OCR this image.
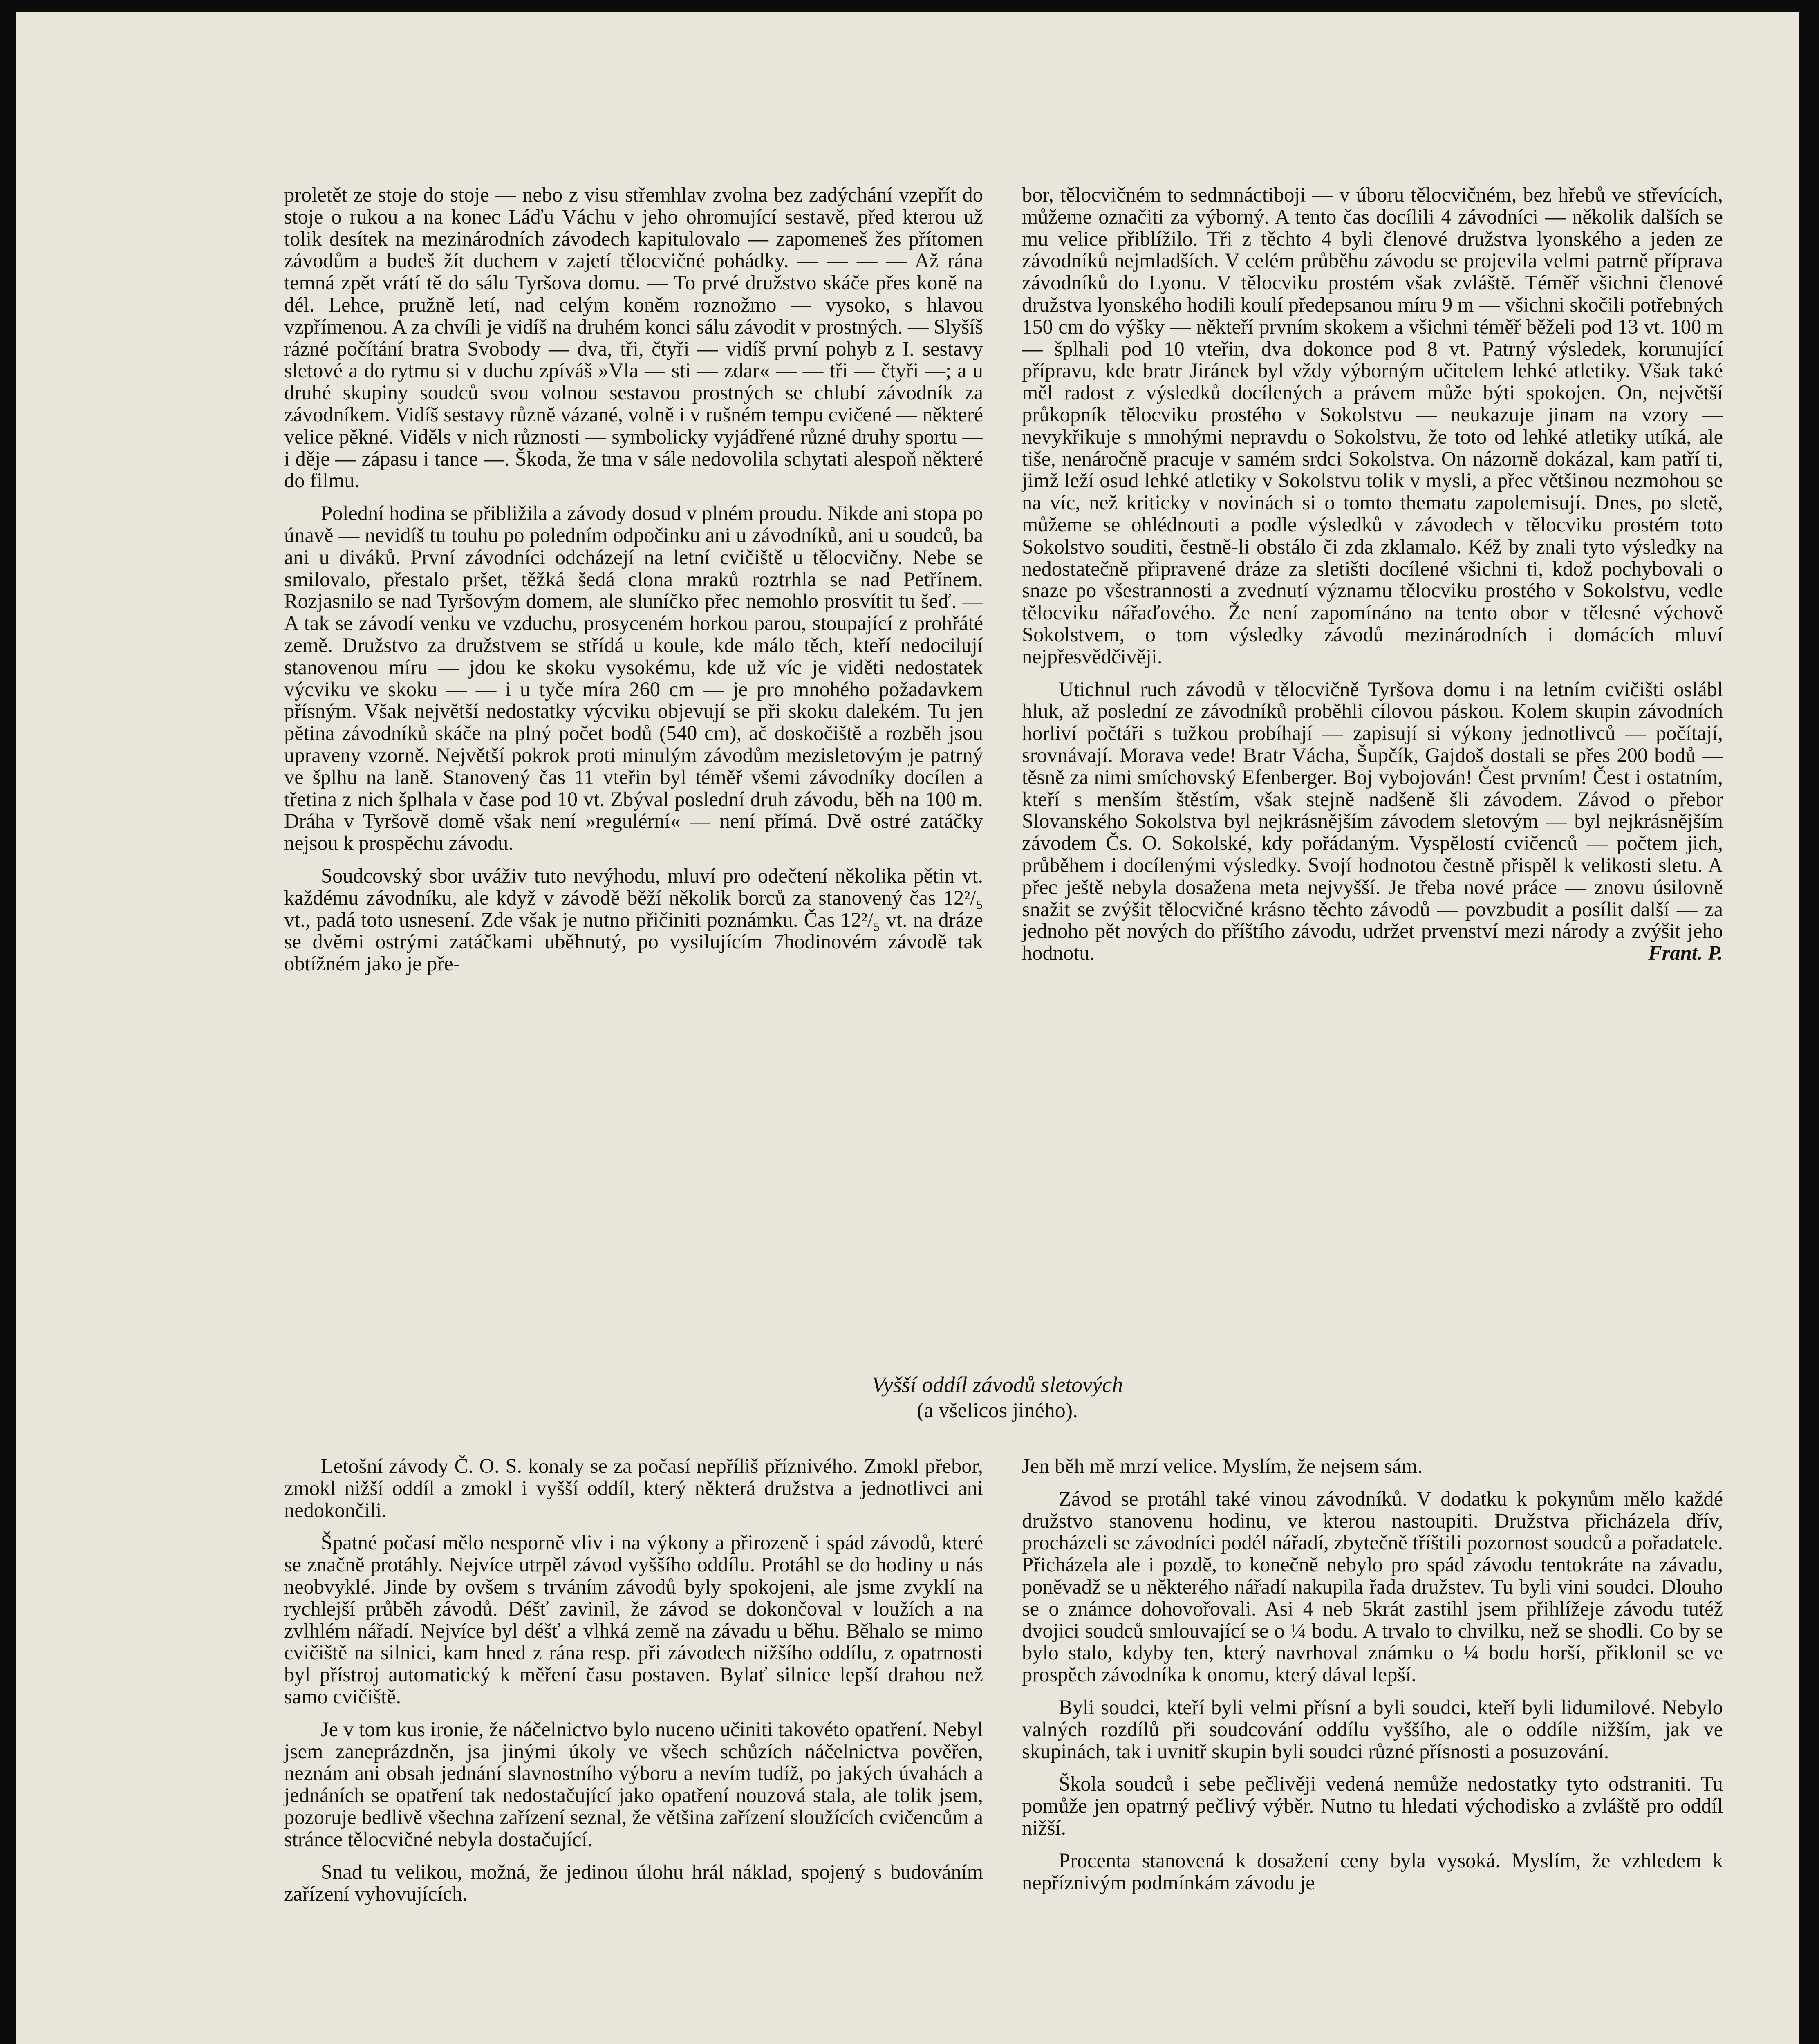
proletět ze stoje do stoje — nebo z visu střemhlav zvolna bez zadýchání vzepřít do stoje o rukou a na konec Láďu Váchu v jeho ohromující sestavě, před kterou už tolik desítek na mezinárodních závodech kapitulovalo — zapomeneš žes přítomen závodům a budeš žít duchem v zajetí tělocvičné pohádky. — — — — Až rána temná zpět vrátí tě do sálu Tyršova domu. — To prvé družstvo skáče přes koně na dél. Lehce, pružně letí, nad celým koněm roznožmo — vysoko, s hlavou vzpřímenou. A za chvíli je vidíš na druhém konci sálu závodit v prostných. — Slyšíš rázné počítání bratra Svobody — dva, tři, čtyři — vidíš první pohyb z I. sestavy sletové a do rytmu si v duchu zpíváš »Vla — sti — zdar« — — tři — čtyři —; a u druhé skupiny soudců svou volnou sestavou prostných se chlubí závodník za závodníkem. Vidíš sestavy různě vázané, volně i v rušném tempu cvičené — některé velice pěkné. Viděls v nich různosti — symbolicky vyjádřené různé druhy sportu — i děje — zápasu i tance —. Škoda, že tma v sále nedovolila schytati alespoň některé do filmu.

Polední hodina se přibližila a závody dosud v plném proudu. Nikde ani stopa po únavě — nevidíš tu touhu po poledním odpočinku ani u závodníků, ani u soudců, ba ani u diváků. První závodníci odcházejí na letní cvičiště u tělocvičny. Nebe se smilovalo, přestalo pršet, těžká šedá clona mraků roztrhla se nad Petřínem. Rozjasnilo se nad Tyršovým domem, ale sluníčko přec nemohlo prosvítit tu šeď. — A tak se závodí venku ve vzduchu, prosyceném horkou parou, stoupající z prohřáté země. Družstvo za družstvem se střídá u koule, kde málo těch, kteří nedocilují stanovenou míru — jdou ke skoku vysokému, kde už víc je viděti nedostatek výcviku ve skoku — — i u tyče míra 260 cm — je pro mnohého požadavkem přísným. Však největší nedostatky výcviku objevují se při skoku dalekém. Tu jen pětina závodníků skáče na plný počet bodů (540 cm), ač doskočiště a rozběh jsou upraveny vzorně. Největší pokrok proti minulým závodům mezisletovým je patrný ve šplhu na laně. Stanovený čas 11 vteřin byl téměř všemi závodníky docílen a třetina z nich šplhala v čase pod 10 vt. Zbýval poslední druh závodu, běh na 100 m. Dráha v Tyršově domě však není »regulérní« — není přímá. Dvě ostré zatáčky nejsou k prospěchu závodu.

Soudcovský sbor uváživ tuto nevýhodu, mluví pro odečtení několika pětin vt. každému závodníku, ale když v závodě běží několik borců za stanovený čas 12²/₅ vt., padá toto usnesení. Zde však je nutno přičiniti poznámku. Čas 12²/₅ vt. na dráze se dvěmi ostrými zatáčkami uběhnutý, po vysilujícím 7hodinovém závodě tak obtížném jako je pře-

bor, tělocvičném to sedmnáctiboji — v úboru tělocvičném, bez hřebů ve střevících, můžeme označiti za výborný. A tento čas docílili 4 závodníci — několik dalších se mu velice přiblížilo. Tři z těchto 4 byli členové družstva lyonského a jeden ze závodníků nejmladších. V celém průběhu závodu se projevila velmi patrně příprava závodníků do Lyonu. V tělocviku prostém však zvláště. Téměř všichni členové družstva lyonského hodili koulí předepsanou míru 9 m — všichni skočili potřebných 150 cm do výšky — někteří prvním skokem a všichni téměř běželi pod 13 vt. 100 m — šplhali pod 10 vteřin, dva dokonce pod 8 vt. Patrný výsledek, korunující přípravu, kde bratr Jiránek byl vždy výborným učitelem lehké atletiky. Však také měl radost z výsledků docílených a právem může býti spokojen. On, největší průkopník tělocviku prostého v Sokolstvu — neukazuje jinam na vzory — nevykřikuje s mnohými nepravdu o Sokolstvu, že toto od lehké atletiky utíká, ale tiše, nenáročně pracuje v samém srdci Sokolstva. On názorně dokázal, kam patří ti, jimž leží osud lehké atletiky v Sokolstvu tolik v mysli, a přec většinou nezmohou se na víc, než kriticky v novinách si o tomto thematu zapolemisují. Dnes, po sletě, můžeme se ohlédnouti a podle výsledků v závodech v tělocviku prostém toto Sokolstvo souditi, čestně-li obstálo či zda zklamalo. Kéž by znali tyto výsledky na nedostatečně připravené dráze za sletišti docílené všichni ti, kdož pochybovali o snaze po všestrannosti a zvednutí významu tělocviku prostého v Sokolstvu, vedle tělocviku nářaďového. Že není zapomínáno na tento obor v tělesné výchově Sokolstvem, o tom výsledky závodů mezinárodních i domácích mluví nejpřesvědčivěji.

Utichnul ruch závodů v tělocvičně Tyršova domu i na letním cvičišti oslábl hluk, až poslední ze závodníků proběhli cílovou páskou. Kolem skupin závodních horliví počtáři s tužkou probíhají — zapisují si výkony jednotlivců — počítají, srovnávají. Morava vede! Bratr Vácha, Šupčík, Gajdoš dostali se přes 200 bodů — těsně za nimi smíchovský Efenberger. Boj vybojován! Čest prvním! Čest i ostatním, kteří s menším štěstím, však stejně nadšeně šli závodem. Závod o přebor Slovanského Sokolstva byl nejkrásnějším závodem sletovým — byl nejkrásnějším závodem Čs. O. Sokolské, kdy pořádaným. Vyspělostí cvičenců — počtem jich, průběhem i docílenými výsledky. Svojí hodnotou čestně přispěl k velikosti sletu. A přec ještě nebyla dosažena meta nejvyšší. Je třeba nové práce — znovu úsilovně snažit se zvýšit tělocvičné krásno těchto závodů — povzbudit a posílit další — za jednoho pět nových do příštího závodu, udržet prvenství mezi národy a zvýšit jeho hodnotu.	Frant. P.

Vyšší oddíl závodů sletových
(a všelicos jiného).

Letošní závody Č. O. S. konaly se za počasí nepříliš příznivého. Zmokl přebor, zmokl nižší oddíl a zmokl i vyšší oddíl, který některá družstva a jednotlivci ani nedokončili.

Špatné počasí mělo nesporně vliv i na výkony a přirozeně i spád závodů, které se značně protáhly. Nejvíce utrpěl závod vyššího oddílu. Protáhl se do hodiny u nás neobvyklé. Jinde by ovšem s trváním závodů byly spokojeni, ale jsme zvyklí na rychlejší průběh závodů. Déšť zavinil, že závod se dokončoval v loužích a na zvlhlém nářadí. Nejvíce byl déšť a vlhká země na závadu u běhu. Běhalo se mimo cvičiště na silnici, kam hned z rána resp. při závodech nižšího oddílu, z opatrnosti byl přístroj automatický k měření času postaven. Bylať silnice lepší drahou než samo cvičiště.

Je v tom kus ironie, že náčelnictvo bylo nuceno učiniti takovéto opatření. Nebyl jsem zaneprázdněn, jsa jinými úkoly ve všech schůzích náčelnictva pověřen, neznám ani obsah jednání slavnostního výboru a nevím tudíž, po jakých úvahách a jednáních se opatření tak nedostačující jako opatření nouzová stala, ale tolik jsem, pozoruje bedlivě všechna zařízení seznal, že většina zařízení sloužících cvičencům a stránce tělocvičné nebyla dostačující.

Snad tu velikou, možná, že jedinou úlohu hrál náklad, spojený s budováním zařízení vyhovujících.

Jen běh mě mrzí velice. Myslím, že nejsem sám.

Závod se protáhl také vinou závodníků. V dodatku k pokynům mělo každé družstvo stanovenu hodinu, ve kterou nastoupiti. Družstva přicházela dřív, procházeli se závodníci podél nářadí, zbytečně tříštili pozornost soudců a pořadatele. Přicházela ale i pozdě, to konečně nebylo pro spád závodu tentokráte na závadu, poněvadž se u některého nářadí nakupila řada družstev. Tu byli vini soudci. Dlouho se o známce dohovořovali. Asi 4 neb 5krát zastihl jsem přihlížeje závodu tutéž dvojici soudců smlouvající se o ¼ bodu. A trvalo to chvilku, než se shodli. Co by se bylo stalo, kdyby ten, který navrhoval známku o ¼ bodu horší, přiklonil se ve prospěch závodníka k onomu, který dával lepší.

Byli soudci, kteří byli velmi přísní a byli soudci, kteří byli lidumilové. Nebylo valných rozdílů při soudcování oddílu vyššího, ale o oddíle nižším, jak ve skupinách, tak i uvnitř skupin byli soudci různé přísnosti a posuzování.

Škola soudců i sebe pečlivěji vedená nemůže nedostatky tyto odstraniti. Tu pomůže jen opatrný pečlivý výběr. Nutno tu hledati východisko a zvláště pro oddíl nižší.

Procenta stanovená k dosažení ceny byla vysoká. Myslím, že vzhledem k nepříznivým podmínkám závodu je
